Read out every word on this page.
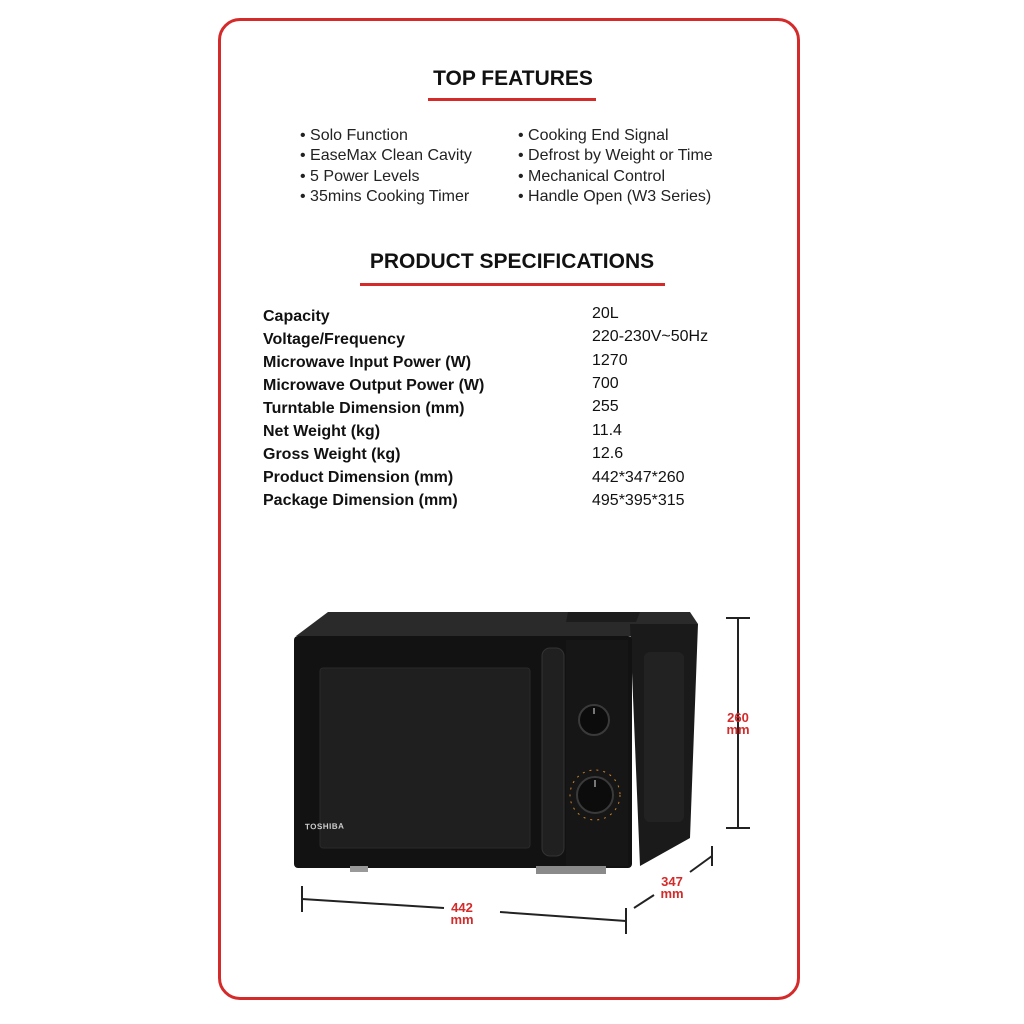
TOP FEATURES
• Solo Function
• EaseMax Clean Cavity
• 5 Power Levels
• 35mins Cooking Timer
• Cooking End Signal
• Defrost by Weight or Time
• Mechanical Control
• Handle Open (W3 Series)
PRODUCT SPECIFICATIONS
Capacity	20L
Voltage/Frequency	220-230V~50Hz
Microwave Input Power (W)	1270
Microwave Output Power (W)	700
Turntable Dimension (mm)	255
Net Weight (kg)	11.4
Gross Weight (kg)	12.6
Product Dimension (mm)	442*347*260
Package Dimension (mm)	495*395*315
TOSHIBA
260
mm
442
mm
347
mm
